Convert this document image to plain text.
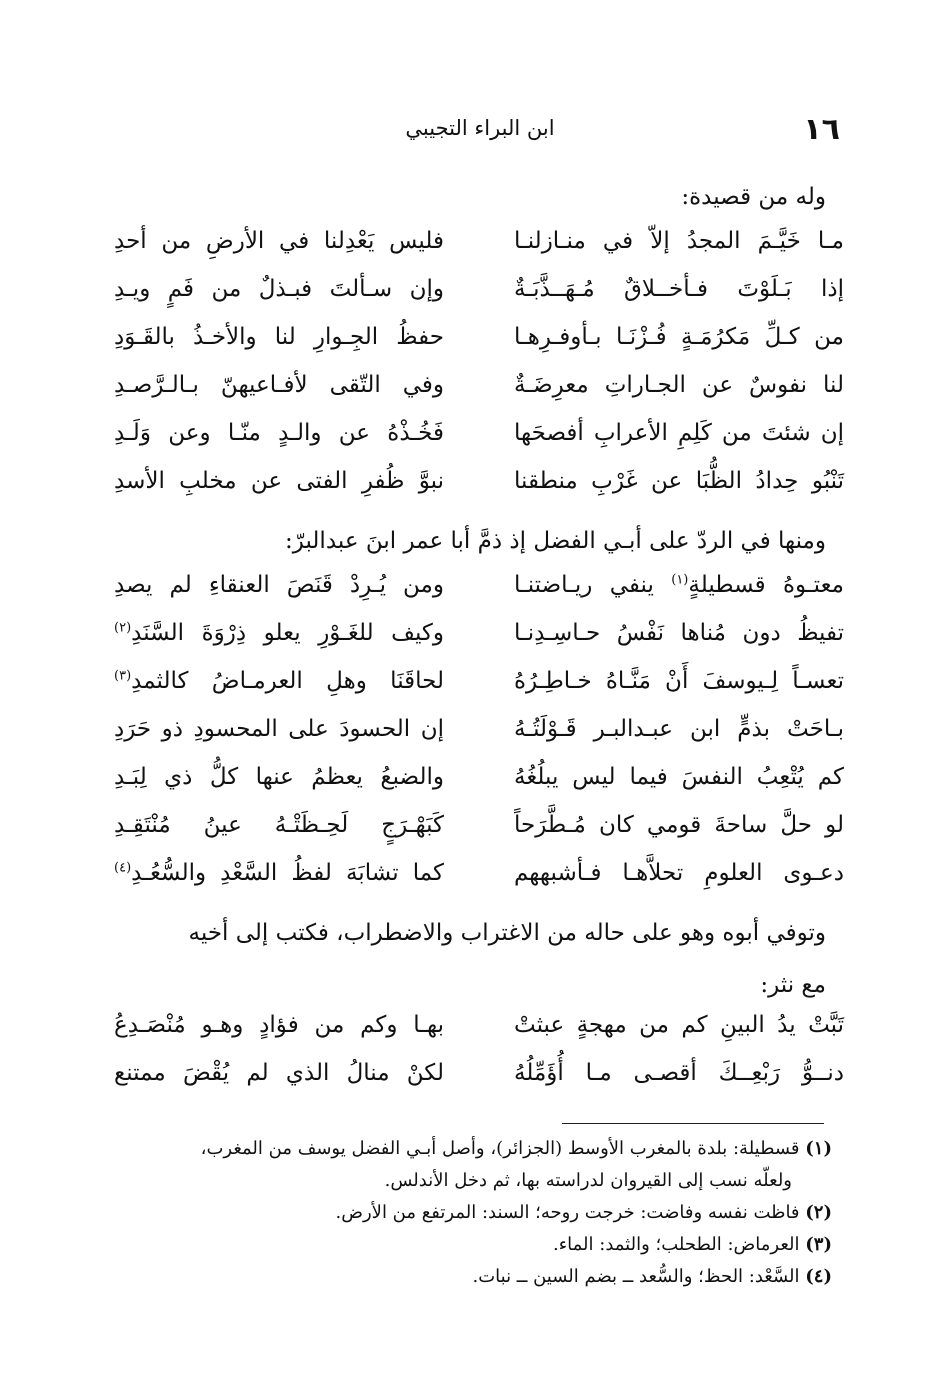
ابن البراء التجيبي	١٦
وله من قصيدة:
مـا خَيَّـمَ المجدُ إلاّ في منـازلنـا
فليس يَعْدِلنا في الأرضِ من أحدِ
إذا بَـلَوْتَ فـأخــلاقٌ مُـهَــذَّبَـةٌ
وإن سـألتَ فبـذلٌ من فَمٍ ويـدِ
من كـلِّ مَكرُمَـةٍ فُـزْنَـا بـأوفـرِهـا
حفظُ الجِـوارِ لنا والأخـذُ بالقَـوَدِ
لنا نفوسٌ عن الجـاراتِ معرِضَـةٌ
وفي التّقى لأفـاعيهنّ بـالـرَّصـدِ
إن شئتَ من كَلِمِ الأعرابِ أفصحَها
فَخُـذْهُ عن والـدٍ منّـا وعن وَلَـدِ
تَنْبُو حِدادُ الظُّبَا عن غَرْبِ منطقنا
نبوَّ ظُفرِ الفتى عن مخلبِ الأسدِ
ومنها في الردّ على أبـي الفضل إذ ذمَّ أبا عمر ابنَ عبدالبرّ:
معتـوهُ قسطيلةٍ$^{(١)}$ ينفي ريـاضتنـا
ومن يُـرِدْ قَنَصَ العنقاءِ لم يصدِ
تفيظُ دون مُناها نَفْسُ حـاسِـدِنـا
وكيف للغَـوْرِ يعلو ذِرْوَةَ السَّنَدِ$^{(٢)}$
تعسـاً لِـيوسفَ أَنْ مَنَّـاهُ خـاطِـرُهُ
لحاقَنَا وهلِ العرمـاضُ كالثمدِ$^{(٣)}$
بـاحَتْ بذمٍّ ابن عبـدالبـر قَـوْلَتُـهُ
إن الحسودَ على المحسودِ ذو حَرَدِ
كم يُتْعِبُ النفسَ فيما ليس يبلُغُهُ
والضبعُ يعظمُ عنها كلُّ ذي لِبَـدِ
لو حلَّ ساحةَ قومي كان مُـطَّرَحاً
كَبَهْـرَجٍ لَحِـظَتْـهُ عينُ مُنْتَقِـدِ
دعـوى العلومِ تحلاَّهـا فـأشبههم
كما تشابَهَ لفظُ السَّعْدِ والسُّعُـدِ$^{(٤)}$
وتوفي أبوه وهو على حاله من الاغتراب والاضطراب، فكتب إلى أخيه
مع نثر:
تَبَّتْ يدُ البينِ كم من مهجةٍ عبثتْ
بهـا وكم من فؤادٍ وهـو مُنْصَـدِعُ
دنــوُّ رَبْعِــكَ أقصـى مـا أُؤَمِّلُهُ
لكنْ منالُ الذي لم يُقْضَ ممتنع
(١) قسطيلة: بلدة بالمغرب الأوسط (الجزائر)، وأصل أبـي الفضل يوسف من المغرب،
ولعلّه نسب إلى القيروان لدراسته بها، ثم دخل الأندلس.
(٢) فاظت نفسه وفاضت: خرجت روحه؛ السند: المرتفع من الأرض.
(٣) العرماض: الطحلب؛ والثمد: الماء.
(٤) السَّعْد: الحظ؛ والسُّعد ــ بضم السين ــ نبات.
